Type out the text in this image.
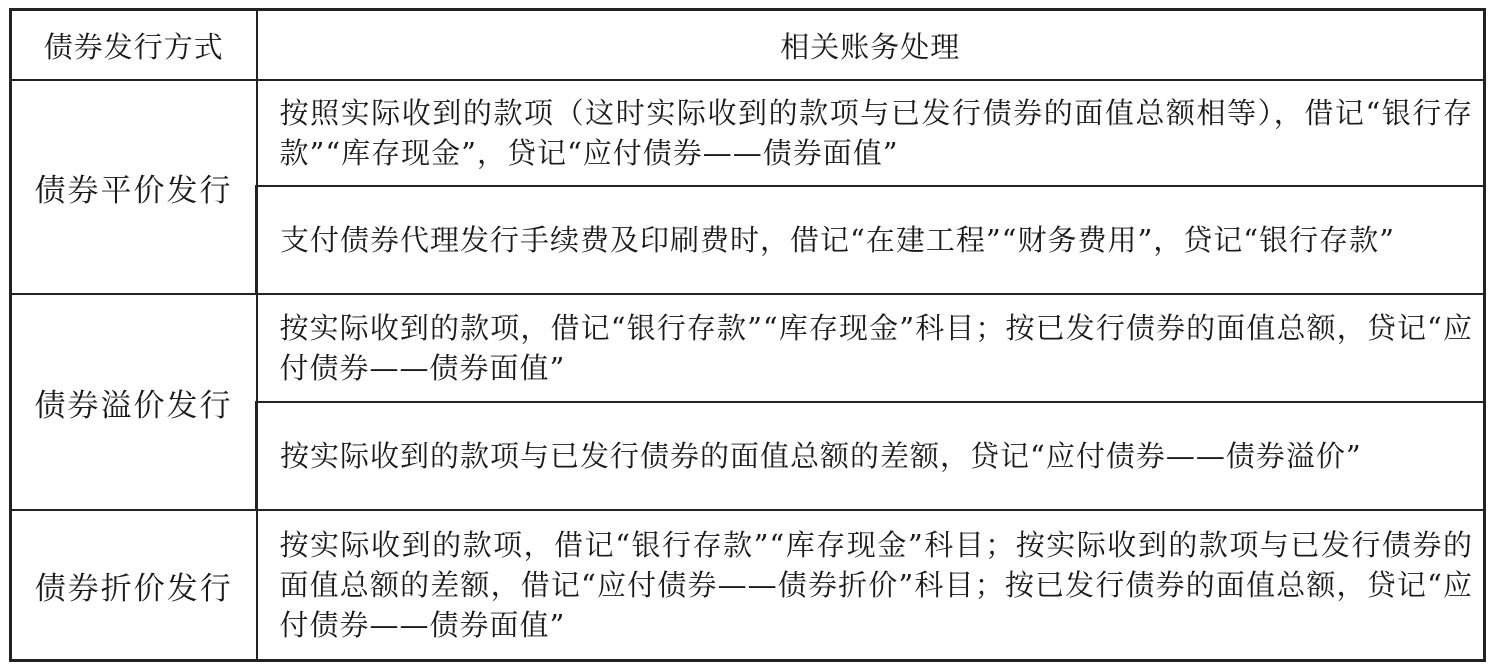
债券发行方式	相关账务处理
债券平价发行	按照实际收到的款项（这时实际收到的款项与已发行债券的面值总额相等），借记“银行存款”“库存现金”，贷记“应付债券——债券面值”
	支付债券代理发行手续费及印刷费时，借记“在建工程”“财务费用”，贷记“银行存款”
债券溢价发行	按实际收到的款项，借记“银行存款”“库存现金”科目；按已发行债券的面值总额，贷记“应付债券——债券面值”
	按实际收到的款项与已发行债券的面值总额的差额，贷记“应付债券——债券溢价”
债券折价发行	按实际收到的款项，借记“银行存款”“库存现金”科目；按实际收到的款项与已发行债券的面值总额的差额，借记“应付债券——债券折价”科目；按已发行债券的面值总额，贷记“应付债券——债券面值”
